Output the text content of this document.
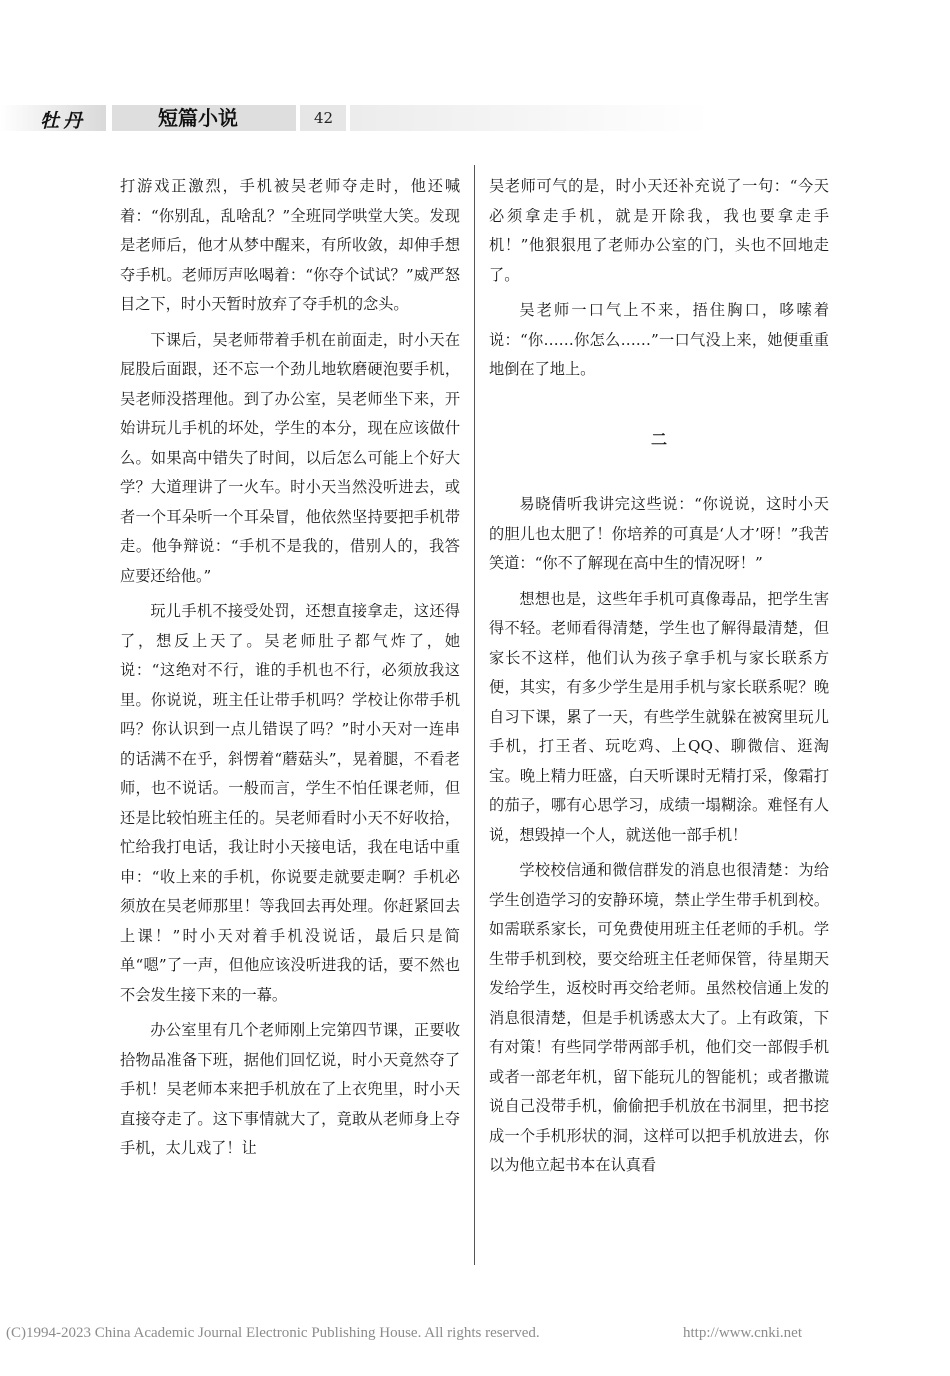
牡丹	短篇小说	42

打游戏正激烈，手机被吴老师夺走时，他还喊着：“你别乱，乱啥乱？”全班同学哄堂大笑。发现是老师后，他才从梦中醒来，有所收敛，却伸手想夺手机。老师厉声吆喝着：“你夺个试试？”威严怒目之下，时小天暂时放弃了夺手机的念头。

下课后，吴老师带着手机在前面走，时小天在屁股后面跟，还不忘一个劲儿地软磨硬泡要手机，吴老师没搭理他。到了办公室，吴老师坐下来，开始讲玩儿手机的坏处，学生的本分，现在应该做什么。如果高中错失了时间，以后怎么可能上个好大学？大道理讲了一火车。时小天当然没听进去，或者一个耳朵听一个耳朵冒，他依然坚持要把手机带走。他争辩说：“手机不是我的，借别人的，我答应要还给他。”

玩儿手机不接受处罚，还想直接拿走，这还得了，想反上天了。吴老师肚子都气炸了，她说：“这绝对不行，谁的手机也不行，必须放我这里。你说说，班主任让带手机吗？学校让你带手机吗？你认识到一点儿错误了吗？”时小天对一连串的话满不在乎，斜愣着“蘑菇头”，晃着腿，不看老师，也不说话。一般而言，学生不怕任课老师，但还是比较怕班主任的。吴老师看时小天不好收拾，忙给我打电话，我让时小天接电话，我在电话中重申：“收上来的手机，你说要走就要走啊？手机必须放在吴老师那里！等我回去再处理。你赶紧回去上课！”时小天对着手机没说话，最后只是简单“嗯”了一声，但他应该没听进我的话，要不然也不会发生接下来的一幕。

办公室里有几个老师刚上完第四节课，正要收拾物品准备下班，据他们回忆说，时小天竟然夺了手机！吴老师本来把手机放在了上衣兜里，时小天直接夺走了。这下事情就大了，竟敢从老师身上夺手机，太儿戏了！让

吴老师可气的是，时小天还补充说了一句：“今天必须拿走手机，就是开除我，我也要拿走手机！”他狠狠甩了老师办公室的门，头也不回地走了。

吴老师一口气上不来，捂住胸口，哆嗦着说：“你……你怎么……”一口气没上来，她便重重地倒在了地上。

二

易晓倩听我讲完这些说：“你说说，这时小天的胆儿也太肥了！你培养的可真是‘人才’呀！”我苦笑道：“你不了解现在高中生的情况呀！”

想想也是，这些年手机可真像毒品，把学生害得不轻。老师看得清楚，学生也了解得最清楚，但家长不这样，他们认为孩子拿手机与家长联系方便，其实，有多少学生是用手机与家长联系呢？晚自习下课，累了一天，有些学生就躲在被窝里玩儿手机，打王者、玩吃鸡、上QQ、聊微信、逛淘宝。晚上精力旺盛，白天听课时无精打采，像霜打的茄子，哪有心思学习，成绩一塌糊涂。难怪有人说，想毁掉一个人，就送他一部手机！

学校校信通和微信群发的消息也很清楚：为给学生创造学习的安静环境，禁止学生带手机到校。如需联系家长，可免费使用班主任老师的手机。学生带手机到校，要交给班主任老师保管，待星期天发给学生，返校时再交给老师。虽然校信通上发的消息很清楚，但是手机诱惑太大了。上有政策，下有对策！有些同学带两部手机，他们交一部假手机或者一部老年机，留下能玩儿的智能机；或者撒谎说自己没带手机，偷偷把手机放在书洞里，把书挖成一个手机形状的洞，这样可以把手机放进去，你以为他立起书本在认真看

(C)1994-2023 China Academic Journal Electronic Publishing House. All rights reserved.	http://www.cnki.net
